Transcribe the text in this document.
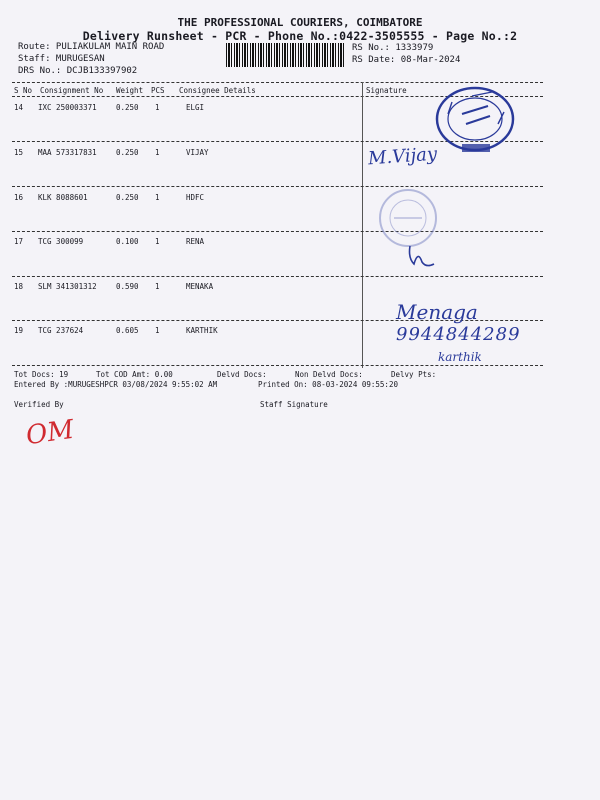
THE PROFESSIONAL COURIERS, COIMBATORE
Delivery Runsheet - PCR - Phone No.:0422-3505555 - Page No.:2
Route: PULIAKULAM MAIN ROAD
Staff: MURUGESAN
DRS No.: DCJB133397902
RS No.: 1333979
RS Date: 08-Mar-2024
S No Consignment No Weight PCS Consignee Details	Signature
14 IXC 250003371	0.250 1	ELGI
15 MAA 573317831	0.250 1	VIJAY
16 KLK 8088601	0.250 1	HDFC
17 TCG 300099	0.100 1	RENA
18 SLM 341301312	0.590 1	MENAKA
19 TCG 237624	0.605 1	KARTHIK
Tot Docs: 19	Tot COD Amt: 0.00	Delvd Docs:	Non Delvd Docs:	Delvy Pts:
Entered By :MURUGESHPCR 03/08/2024 9:55:02 AM	Printed On: 08-03-2024 09:55:20
Verified By	Staff Signature
M.Vijay
Menaga
9944844289
karthik
OM
